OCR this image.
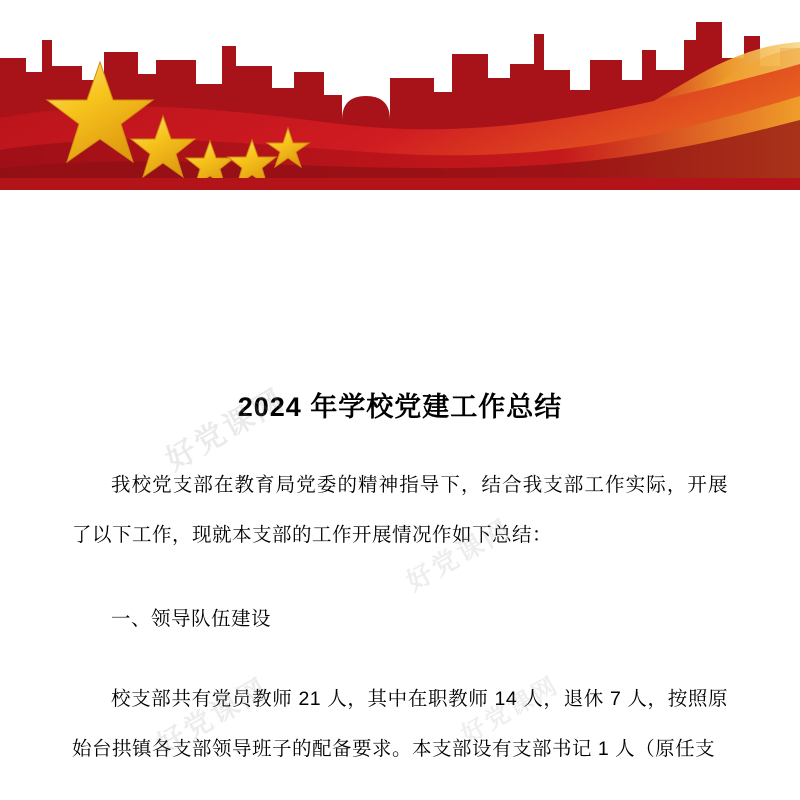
2024 年学校党建工作总结

我校党支部在教育局党委的精神指导下，结合我支部工作实际，开展了以下工作，现就本支部的工作开展情况作如下总结：

一、领导队伍建设

校支部共有党员教师 21 人，其中在职教师 14 人，退休 7 人，按照原始台拱镇各支部领导班子的配备要求。本支部设有支部书记 1 人（原任支

好党课网
好党课网
好党课网	好党课网
